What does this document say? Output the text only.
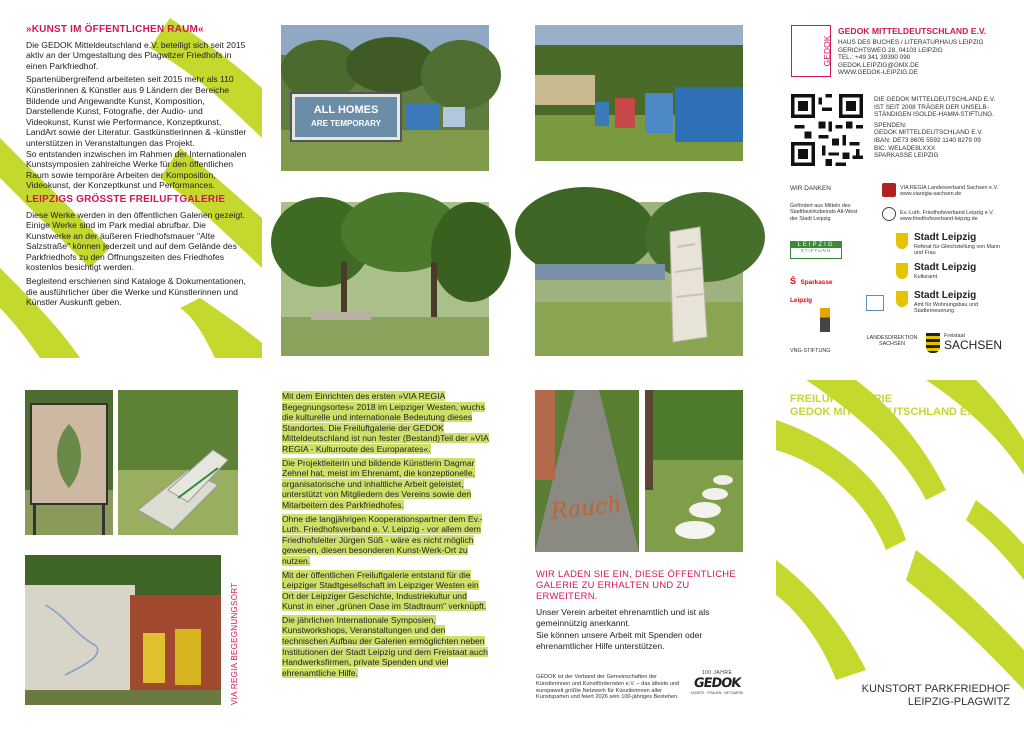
»KUNST IM ÖFFENTLICHEN RAUM«

Die GEDOK Mitteldeutschland e.V. beteiligt sich seit 2015 aktiv an der Umgestaltung des Plagwitzer Friedhofs in einen Parkfriedhof.

Spartenübergreifend arbeiteten seit 2015 mehr als 110 Künstlerinnen & Künstler aus 9 Ländern der Bereiche Bildende und Angewandte Kunst, Komposition, Darstellende Kunst, Fotografie, der Audio- und Videokunst, Kunst wie Performance, Konzeptkunst, LandArt sowie der Literatur. Gastkünstlerinnen & -künstler unterstützen in Veranstaltungen das Projekt.

So entstanden inzwischen im Rahmen der Internationalen Kunstsymposien zahlreiche Werke für den öffentlichen Raum sowie temporäre Arbeiten der Komposition, Videokunst, der Konzeptkunst und Performances.

LEIPZIGS GRÖSSTE FREILUFTGALERIE

Diese Werke werden in den öffentlichen Galerien gezeigt. Einige Werke sind im Park medial abrufbar. Die Kunstwerke an der äußeren Friedhofsmauer "Alte Salzstraße" können jederzeit und auf dem Gelände des Parkfriedhofs zu den Öffnungszeiten des Friedhofes kostenlos besichtigt werden.

Begleitend erschienen sind Kataloge & Dokumentationen, die ausführlicher über die Werke und Künstlerinnen und Künstler Auskunft geben.

ALL HOMES
ARE TEMPORARY
FREILUFTGALERIE
GEDOK MITTELDEUTSCHLAND E.V.
KUNSTORT PARKFRIEDHOF
LEIPZIG-PLAGWITZ
GEDOK
GEDOK MITTELDEUTSCHLAND E.V.
HAUS DES BUCHES / LITERATURHAUS LEIPZIG
GERICHTSWEG 28, 04103 LEIPZIG
TEL.: +49 341 39390 090
GEDOK.LEIPZIG@GMX.DE
WWW.GEDOK-LEIPZIG.DE
DIE GEDOK MITTELDEUTSCHLAND E.V.
IST SEIT 2008 TRÄGER DER UNSELB-
STÄNDIGEN ISOLDE-HAMM-STIFTUNG.
SPENDEN:
GEDOK MITTELDEUTSCHLAND E.V.
IBAN: DE73 8605 5592 1140 8279 09
BIC: WELADE8LXXX
SPARKASSE LEIPZIG
WIR DANKEN
Gefördert aus Mitteln des Stadtbezirksbeirats Alt-West der Stadt Leipzig
LEIPZIG
STIFTUNG
Ṡ Sparkasse Leipzig
VIA REGIA Landesverband Sachsen e.V. www.viaregia-sachsen.de
Ev.-Luth. Friedhofsverband Leipzig e.V. www.friedhofsverband-leipzig.de
Stadt Leipzig
Referat für Gleichstellung von Mann und Frau
Stadt Leipzig
Kulturamt
Stadt Leipzig
Amt für Wohnungsbau und Stadterneuerung
VNG-STIFTUNG
LANDESDIREKTION SACHSEN
Freistaat
SACHSEN
VIA REGIA BEGEGNUNGSORT

Mit dem Einrichten des ersten »VIA REGIA Begegnungsortes« 2018 im Leipziger Westen, wuchs die kulturelle und internationale Bedeutung dieses Standortes. Die Freiluftgalerie der GEDOK Mitteldeutschland ist nun fester (Bestand)Teil der »VIA REGIA - Kulturroute des Europarates«.

Die Projektleiterin und bildende Künstlerin Dagmar Zehnel hat, meist im Ehrenamt, die konzeptionelle, organisatorische und inhaltliche Arbeit geleistet, unterstützt von Mitgliedern des Vereins sowie den Mitarbeitern des Parkfriedhofes.

Ohne die langjährigen Kooperationspartner dem Ev.-Luth. Friedhofsverband e. V. Leipzig - vor allem dem Friedhofsleiter Jürgen Süß - wäre es nicht möglich gewesen, diesen besonderen Kunst-Werk-Ort zu nutzen.

Mit der öffentlichen Freiluftgalerie entstand für die Leipziger Stadtgesellschaft im Leipziger Westen ein Ort der Leipziger Geschichte, Industriekultur und Kunst in einer „grünen Oase im Stadtraum" verknüpft.

Die jährlichen Internationale Symposien, Kunstworkshops, Veranstaltungen und den technischen Aufbau der Galerien ermöglichten neben Institutionen der Stadt Leipzig und dem Freistaat auch Handwerksfirmen, private Spenden und viel ehrenamtliche Hilfe.

Rauch
WIR LADEN SIE EIN, DIESE ÖFFENTLICHE GALERIE ZU ERHALTEN UND ZU ERWEITERN.

Unser Verein arbeitet ehrenamtlich und ist als gemeinnützig anerkannt.

Sie können unsere Arbeit mit Spenden oder ehrenamtlicher Hilfe unterstützen.

GEDOK ist der Verband der Gemeinschaften der Künstlerinnen und Kunstfördernden e.V. – das älteste und europaweit größte Netzwerk für Künstlerinnen aller Kunstsparten und feiert 2026 sein 100-jähriges Bestehen.
100 JAHRE
GEDOK
KÜNSTE · FRAUEN · NETZWERK
